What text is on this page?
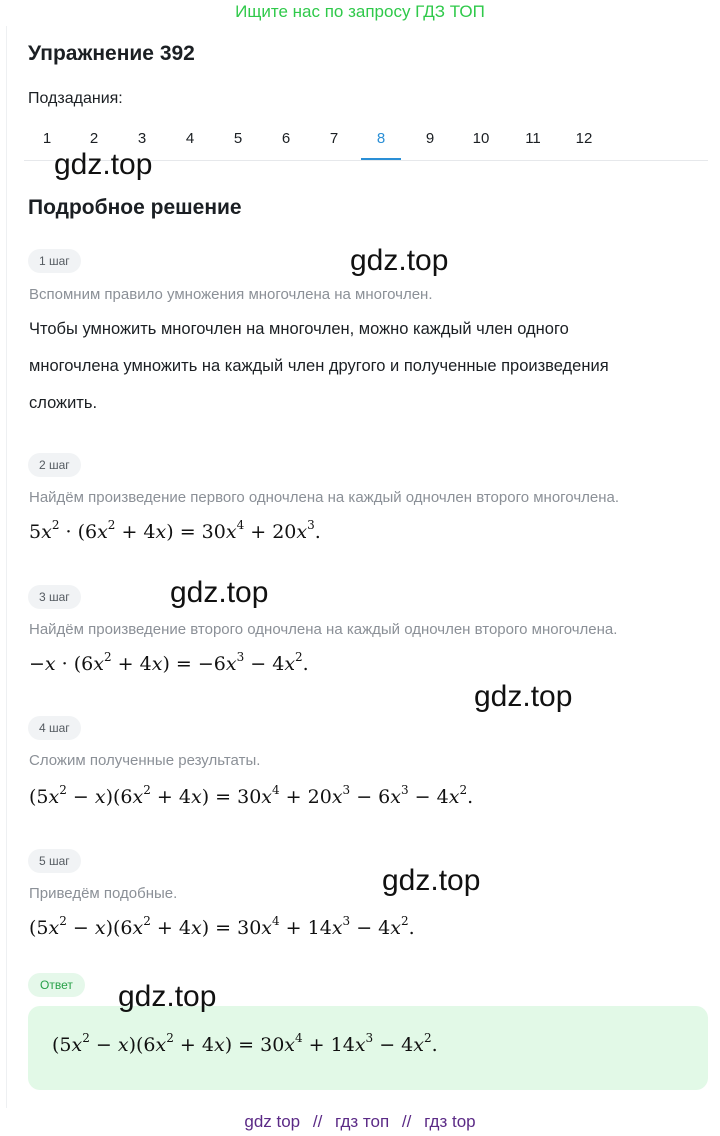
Ищите нас по запросу ГДЗ ТОП
Упражнение 392
Подзадания:
1	2	3	4	5	6	7	8	9	10	11	12
Подробное решение
1 шаг
Вспомним правило умножения многочлена на многочлен.
Чтобы умножить многочлен на многочлен, можно каждый член одного
многочлена умножить на каждый член другого и полученные произведения
сложить.
2 шаг
Найдём произведение первого одночлена на каждый одночлен второго многочлена.
$5x^2 \cdot (6x^2 + 4x) = 30x^4 + 20x^3$.
3 шаг
Найдём произведение второго одночлена на каждый одночлен второго многочлена.
$-x \cdot (6x^2 + 4x) = -6x^3 - 4x^2$.
4 шаг
Сложим полученные результаты.
$(5x^2 - x)(6x^2 + 4x) = 30x^4 + 20x^3 - 6x^3 - 4x^2$.
5 шаг
Приведём подобные.
$(5x^2 - x)(6x^2 + 4x) = 30x^4 + 14x^3 - 4x^2$.
Ответ
$(5x^2 - x)(6x^2 + 4x) = 30x^4 + 14x^3 - 4x^2$.
gdz.top
gdz.top
gdz.top
gdz.top
gdz.top
gdz.top
gdz top // гдз топ // гдз top
